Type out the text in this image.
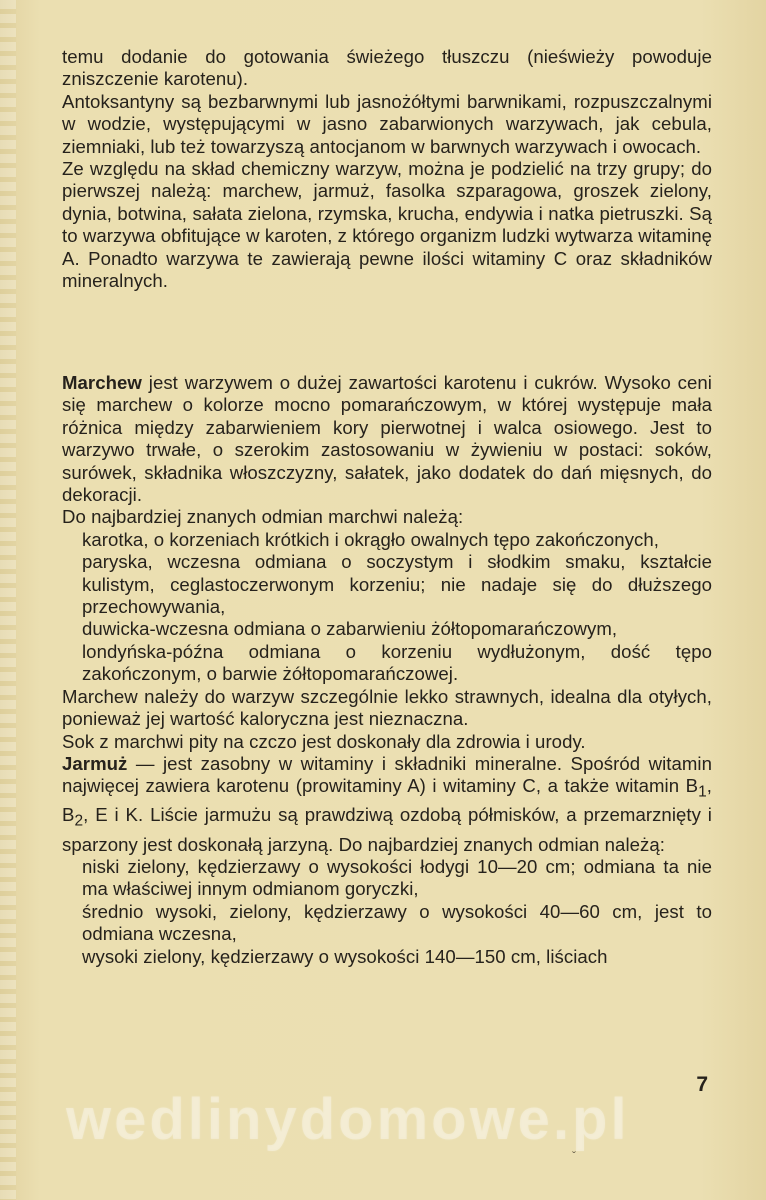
temu dodanie do gotowania świeżego tłuszczu (nieświeży powoduje zniszczenie karotenu).

Antoksantyny są bezbarwnymi lub jasnożółtymi barwnikami, rozpuszczalnymi w wodzie, występującymi w jasno zabarwionych warzywach, jak cebula, ziemniaki, lub też towarzyszą antocjanom w barwnych warzywach i owocach.

Ze względu na skład chemiczny warzyw, można je podzielić na trzy grupy; do pierwszej należą: marchew, jarmuż, fasolka szparagowa, groszek zielony, dynia, botwina, sałata zielona, rzymska, krucha, endywia i natka pietruszki. Są to warzywa obfitujące w karoten, z którego organizm ludzki wytwarza witaminę A. Ponadto warzywa te zawierają pewne ilości witaminy C oraz składników mineralnych.

Marchew jest warzywem o dużej zawartości karotenu i cukrów. Wysoko ceni się marchew o kolorze mocno pomarańczowym, w której występuje mała różnica między zabarwieniem kory pierwotnej i walca osiowego. Jest to warzywo trwałe, o szerokim zastosowaniu w żywieniu w postaci: soków, surówek, składnika włoszczyzny, sałatek, jako dodatek do dań mięsnych, do dekoracji.

Do najbardziej znanych odmian marchwi należą:

karotka, o korzeniach krótkich i okrągło owalnych tępo zakończonych,

paryska, wczesna odmiana o soczystym i słodkim smaku, kształcie kulistym, ceglastoczerwonym korzeniu; nie nadaje się do dłuższego przechowywania,

duwicka-wczesna odmiana o zabarwieniu żółtopomarańczowym,

londyńska-późna odmiana o korzeniu wydłużonym, dość tępo zakończonym, o barwie żółtopomarańczowej.

Marchew należy do warzyw szczególnie lekko strawnych, idealna dla otyłych, ponieważ jej wartość kaloryczna jest nieznaczna.

Sok z marchwi pity na czczo jest doskonały dla zdrowia i urody.

Jarmuż — jest zasobny w witaminy i składniki mineralne. Spośród witamin najwięcej zawiera karotenu (prowitaminy A) i witaminy C, a także witamin $B_1$, $B_2$, E i K. Liście jarmużu są prawdziwą ozdobą półmisków, a przemarznięty i sparzony jest doskonałą jarzyną. Do najbardziej znanych odmian należą:

niski zielony, kędzierzawy o wysokości łodygi 10—20 cm; odmiana ta nie ma właściwej innym odmianom goryczki,

średnio wysoki, zielony, kędzierzawy o wysokości 40—60 cm, jest to odmiana wczesna,

wysoki zielony, kędzierzawy o wysokości 140—150 cm, liściach

7
wedlinydomowe.pl
ˇ
